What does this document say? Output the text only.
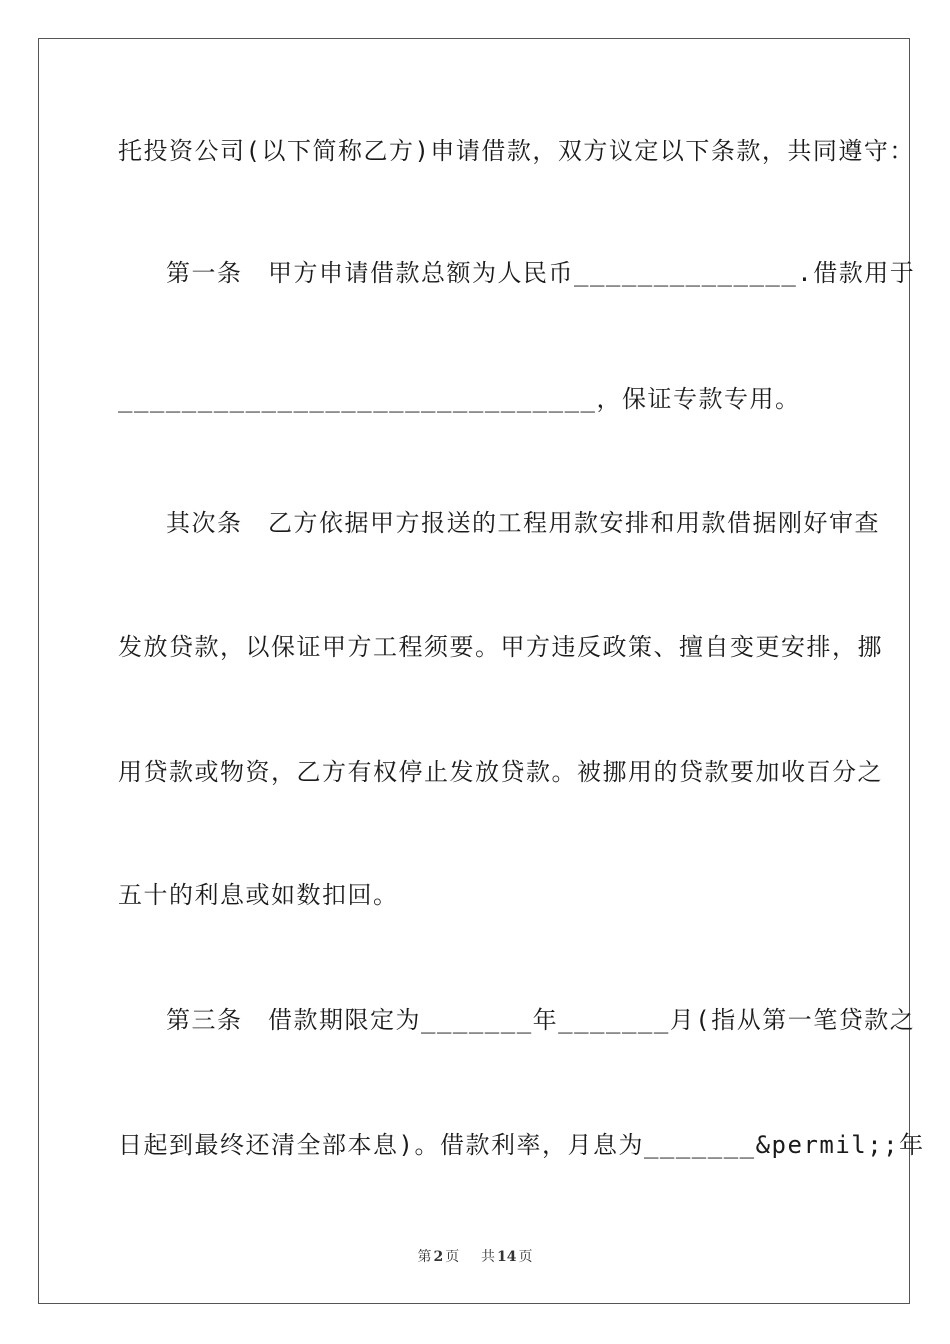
托投资公司(以下简称乙方)申请借款，双方议定以下条款，共同遵守：
第一条　甲方申请借款总额为人民币______________.借款用于
______________________________，保证专款专用。
其次条　乙方依据甲方报送的工程用款安排和用款借据刚好审查
发放贷款，以保证甲方工程须要。甲方违反政策、擅自变更安排，挪
用贷款或物资，乙方有权停止发放贷款。被挪用的贷款要加收百分之
五十的利息或如数扣回。
第三条　借款期限定为_______年_______月(指从第一笔贷款之
日起到最终还清全部本息)。借款利率，月息为_______&permil;;年
第 2 页 共 14 页
